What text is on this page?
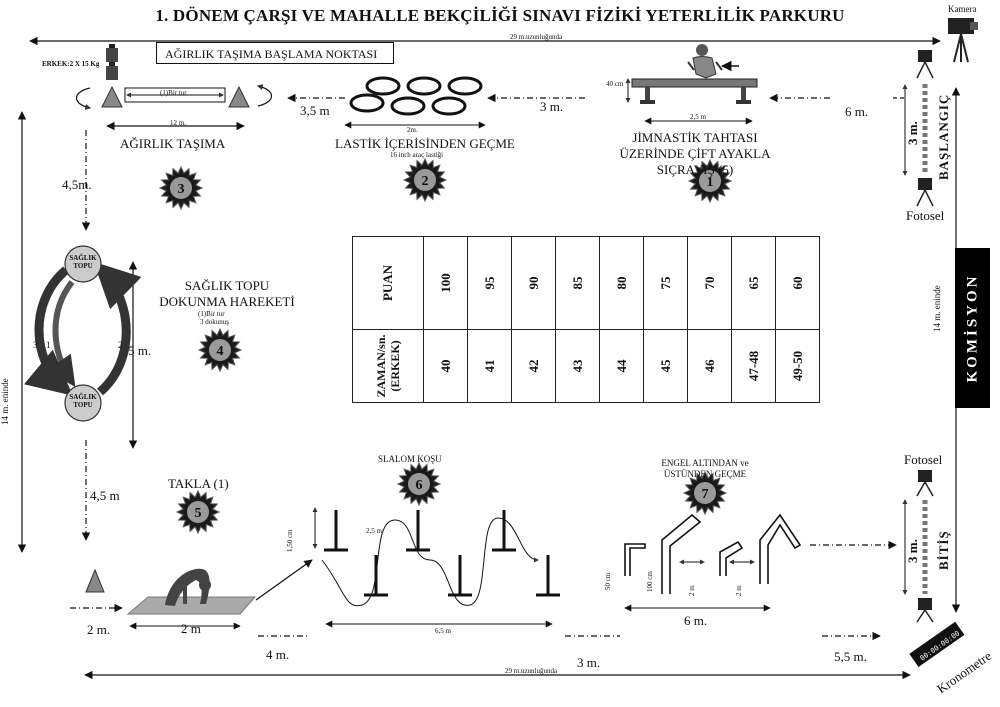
1. DÖNEM ÇARŞI VE MAHALLE BEKÇİLİĞİ SINAVI FİZİKİ YETERLİLİK PARKURU
1
2
3
4
5
6
7
Kamera
29 m.uzunluğunda
29 m.uzunluğunda
ERKEK:2 X 15 Kg
AĞIRLIK TAŞIMA BAŞLAMA NOKTASI
(1)Bir tur
3,5 m	3 m.	6 m.
12 m.
2m.
16 inch araç lastiği
40 cm
2,5 m
AĞIRLIK TAŞIMA	LASTİK İÇERİSİNDEN GEÇME	JİMNASTİK TAHTASI ÜZERİNDE ÇİFT AYAKLA SIÇRAYIŞ (5)
SAĞLIK TOPU DOKUNMA HAREKETİ
TAKLA (1)
SLALOM KOŞU	ENGEL ALTINDAN ve ÜSTÜNDEN GEÇME
(1)Bir tur
3 dokunuş
4,5m.
4,5 m
5 m.
SAĞLIK TOPU
SAĞLIK TOPU
3 1	2
14 m. eninde
14 m. eninde
2 m.	2 m
4 m.
3 m.	5,5 m.
6 m.
6,5 m
1,50 cm	2,5 m
50 cm	100 cm	2 m	2 m
3 m. BAŞLANGIÇ
Fotosel
Fotosel
3 m. BİTİŞ
KOMİSYON
00:00:00:00
Kronometre
PUAN	100	95	90	85	80	75	70	65	60

ZAMAN/sn. (ERKEK)	40	41	42	43	44	45	46	47-48	49-50
